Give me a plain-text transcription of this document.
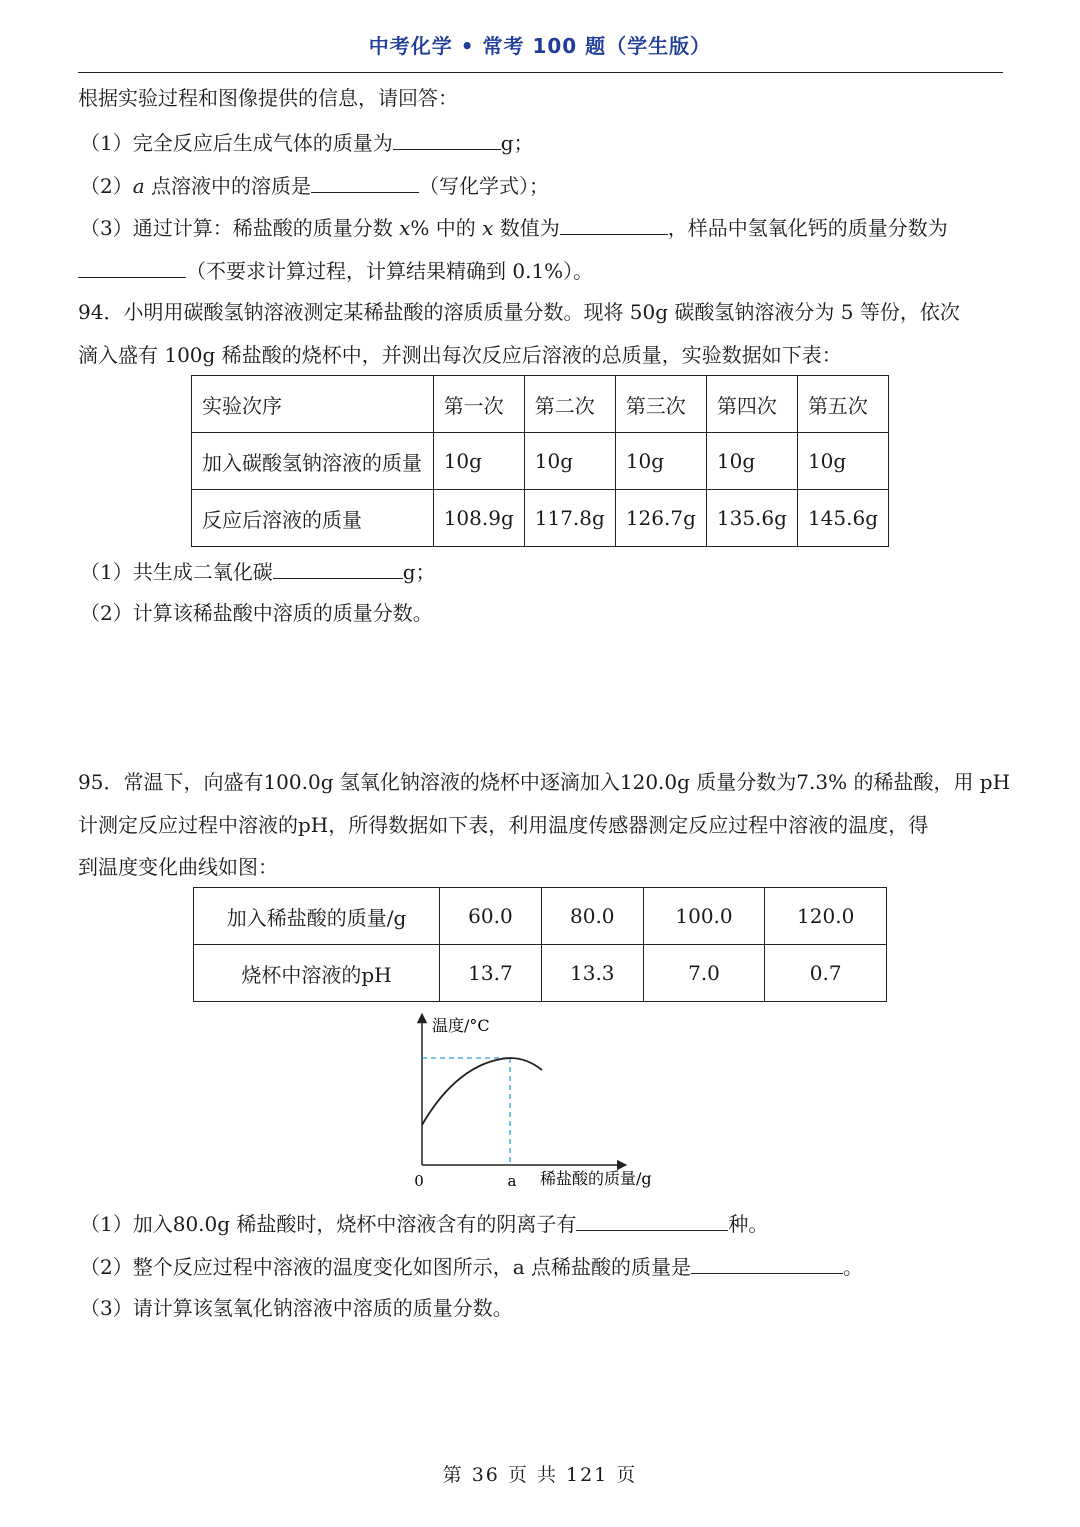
中考化学 • 常考 100 题（学生版）
根据实验过程和图像提供的信息，请回答：
（1）完全反应后生成气体的质量为	g；
（2）a 点溶液中的溶质是	（写化学式）；
（3）通过计算：稀盐酸的质量分数 x% 中的 x 数值为	，样品中氢氧化钙的质量分数为
（不要求计算过程，计算结果精确到 0.1%）。
94．小明用碳酸氢钠溶液测定某稀盐酸的溶质质量分数。现将 50g 碳酸氢钠溶液分为 5 等份，依次
滴入盛有 100g 稀盐酸的烧杯中，并测出每次反应后溶液的总质量，实验数据如下表：
实验次序	第一次	第二次	第三次	第四次	第五次
加入碳酸氢钠溶液的质量	10g	10g	10g	10g	10g
反应后溶液的质量	108.9g	117.8g	126.7g	135.6g	145.6g
（1）共生成二氧化碳	g；
（2）计算该稀盐酸中溶质的质量分数。
95．常温下，向盛有100.0g 氢氧化钠溶液的烧杯中逐滴加入120.0g 质量分数为7.3% 的稀盐酸，用 pH
计测定反应过程中溶液的pH，所得数据如下表，利用温度传感器测定反应过程中溶液的温度，得
到温度变化曲线如图：
加入稀盐酸的质量/g	60.0	80.0	100.0	120.0
烧杯中溶液的pH	13.7	13.3	7.0	0.7
温度/°C
0	a 稀盐酸的质量/g
（1）加入80.0g 稀盐酸时，烧杯中溶液含有的阴离子有	种。
（2）整个反应过程中溶液的温度变化如图所示，a 点稀盐酸的质量是	。
（3）请计算该氢氧化钠溶液中溶质的质量分数。
第 36 页 共 121 页
